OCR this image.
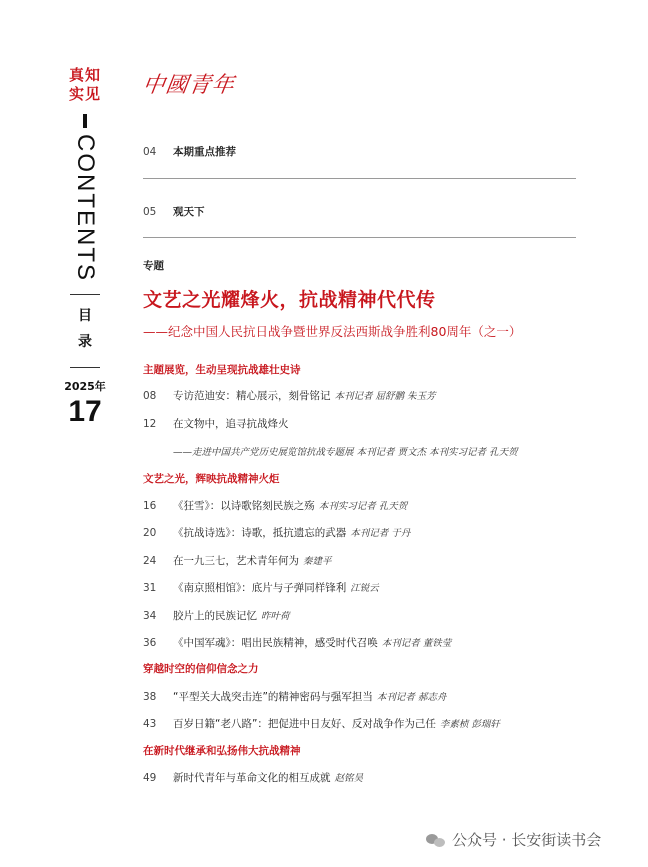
真知
实见
CONTENTS
目
录
2025年
17
中國青年
04 本期重点推荐
05 观天下
专题
文艺之光耀烽火，抗战精神代代传
——纪念中国人民抗日战争暨世界反法西斯战争胜利80周年（之一）
主题展览，生动呈现抗战雄壮史诗
08 专访范迪安：精心展示，刻骨铭记 本刊记者 屈舒鹏 朱玉芳
12 在文物中，追寻抗战烽火
——走进中国共产党历史展览馆抗战专题展 本刊记者 贾文杰 本刊实习记者 孔天贺
文艺之光，辉映抗战精神火炬
16 《狂雪》：以诗歌铭刻民族之殇 本刊实习记者 孔天贺
20 《抗战诗选》：诗歌，抵抗遗忘的武器 本刊记者 于丹
24 在一九三七，艺术青年何为 秦建平
31 《南京照相馆》：底片与子弹同样锋利 江锐云
34 胶片上的民族记忆 昨叶荷
36 《中国军魂》：唱出民族精神，感受时代召唤 本刊记者 董铁莹
穿越时空的信仰信念之力
38 “平型关大战突击连”的精神密码与强军担当 本刊记者 郝志舟
43 百岁日籍“老八路”：把促进中日友好、反对战争作为己任 李素桢 彭瑞轩
在新时代继承和弘扬伟大抗战精神
49 新时代青年与革命文化的相互成就 赵铭昊
公众号 · 长安街读书会
